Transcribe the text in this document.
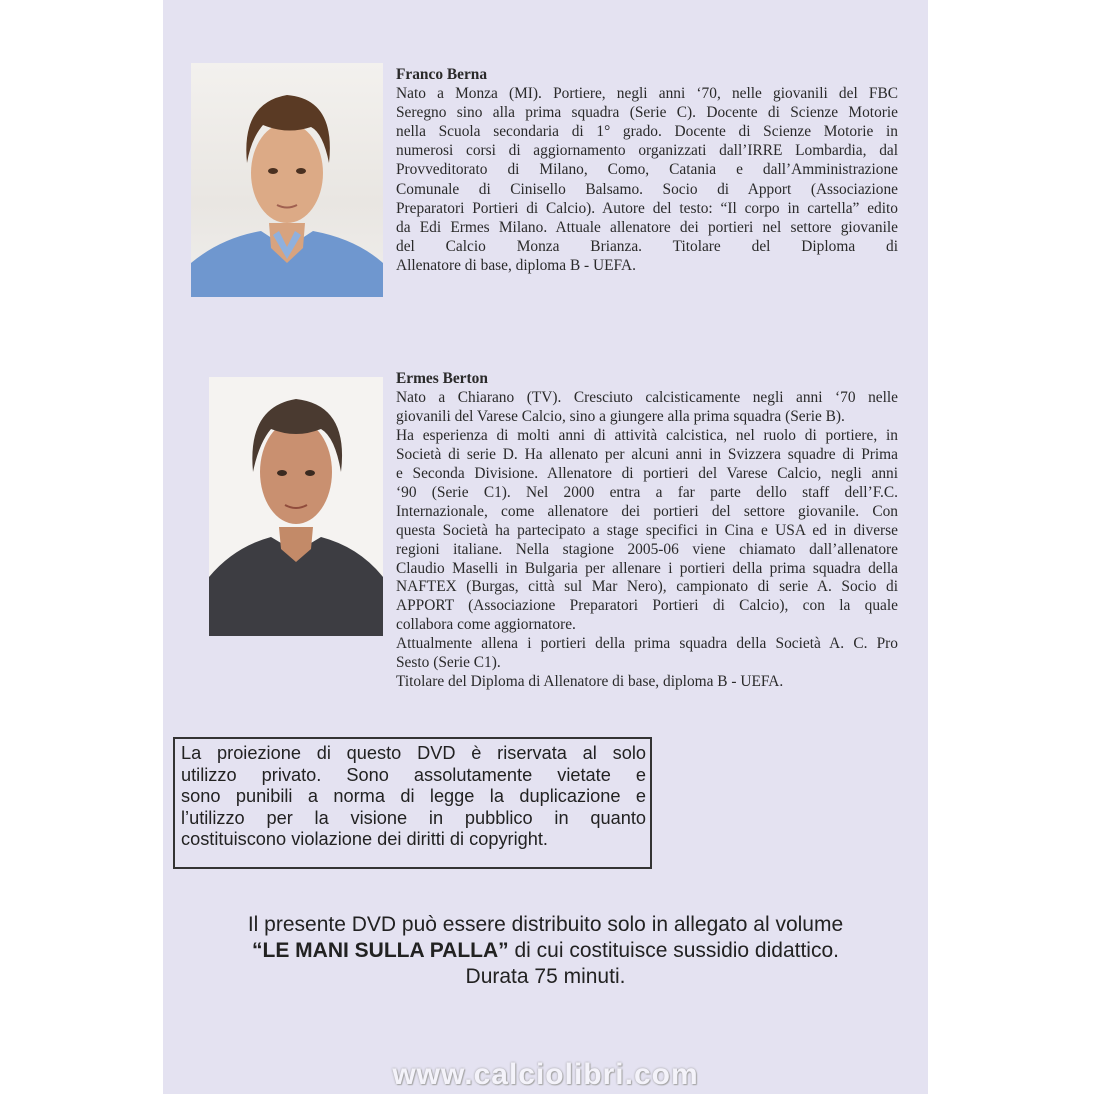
Franco Berna
Nato a Monza (MI). Portiere, negli anni ‘70, nelle giovanili del FBC
Seregno sino alla prima squadra (Serie C). Docente di Scienze Motorie
nella Scuola secondaria di 1° grado. Docente di Scienze Motorie in
numerosi corsi di aggiornamento organizzati dall’IRRE Lombardia, dal
Provveditorato di Milano, Como, Catania e dall’Amministrazione
Comunale di Cinisello Balsamo. Socio di Apport (Associazione
Preparatori Portieri di Calcio). Autore del testo: “Il corpo in cartella” edito
da Edi Ermes Milano. Attuale allenatore dei portieri nel settore giovanile
del Calcio Monza Brianza. Titolare del Diploma di
Allenatore di base, diploma B - UEFA.
Ermes Berton
Nato a Chiarano (TV). Cresciuto calcisticamente negli anni ‘70 nelle
giovanili del Varese Calcio, sino a giungere alla prima squadra (Serie B).
Ha esperienza di molti anni di attività calcistica, nel ruolo di portiere, in
Società di serie D. Ha allenato per alcuni anni in Svizzera squadre di Prima
e Seconda Divisione. Allenatore di portieri del Varese Calcio, negli anni
‘90 (Serie C1). Nel 2000 entra a far parte dello staff dell’F.C.
Internazionale, come allenatore dei portieri del settore giovanile. Con
questa Società ha partecipato a stage specifici in Cina e USA ed in diverse
regioni italiane. Nella stagione 2005-06 viene chiamato dall’allenatore
Claudio Maselli in Bulgaria per allenare i portieri della prima squadra della
NAFTEX (Burgas, città sul Mar Nero), campionato di serie A. Socio di
APPORT (Associazione Preparatori Portieri di Calcio), con la quale
collabora come aggiornatore.
Attualmente allena i portieri della prima squadra della Società A. C. Pro
Sesto (Serie C1).
Titolare del Diploma di Allenatore di base, diploma B - UEFA.
La proiezione di questo DVD è riservata al solo
utilizzo privato. Sono assolutamente vietate e
sono punibili a norma di legge la duplicazione e
l’utilizzo per la visione in pubblico in quanto
costituiscono violazione dei diritti di copyright.
Il presente DVD può essere distribuito solo in allegato al volume
“LE MANI SULLA PALLA” di cui costituisce sussidio didattico.
Durata 75 minuti.
www.calciolibri.com
